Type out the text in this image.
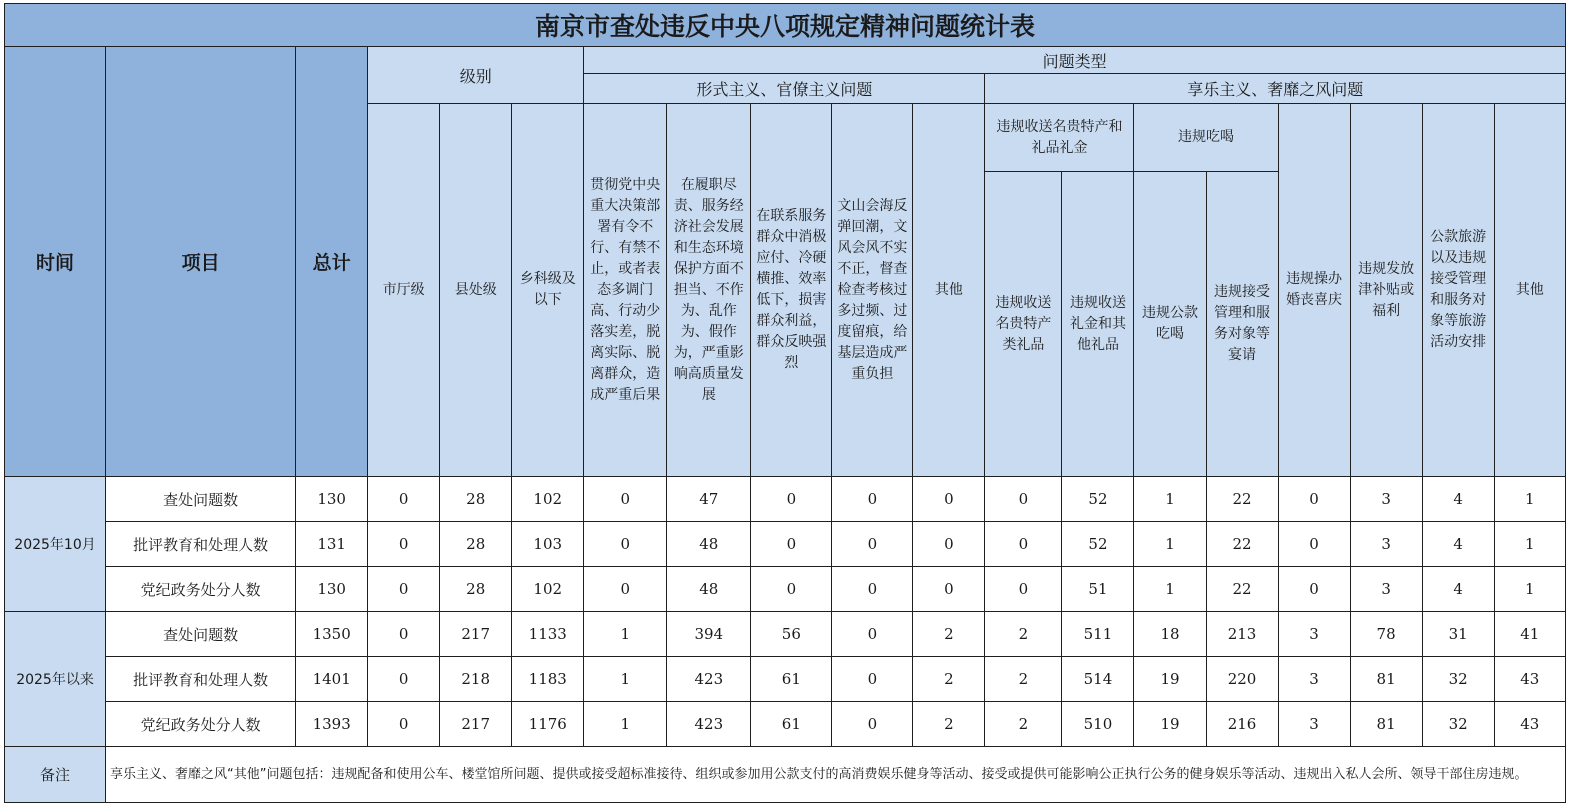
南京市查处违反中央八项规定精神问题统计表																		
时间	项目	总计	级别			问题类型												
						形式主义、官僚主义问题					享乐主义、奢靡之风问题							
			市厅级	县处级	乡科级及以下	贯彻党中央重大决策部署有令不行、有禁不止，或者表态多调门高、行动少落实差，脱离实际、脱离群众，造成严重后果	在履职尽责、服务经济社会发展和生态环境保护方面不担当、不作为、乱作为、假作为，严重影响高质量发展	在联系服务群众中消极应付、冷硬横推、效率低下，损害群众利益，群众反映强烈	文山会海反弹回潮，文风会风不实不正，督查检查考核过多过频、过度留痕，给基层造成严重负担	其他	违规收送名贵特产和礼品礼金		违规吃喝		违规操办婚丧喜庆	违规发放津补贴或福利	公款旅游以及违规接受管理和服务对象等旅游活动安排	其他
											违规收送名贵特产类礼品	违规收送礼金和其他礼品	违规公款吃喝	违规接受管理和服务对象等宴请				

2025年10月	查处问题数	130	0	28	102	0	47	0	0	0	0	52	1	22	0	3	4	1
	批评教育和处理人数	131	0	28	103	0	48	0	0	0	0	52	1	22	0	3	4	1
	党纪政务处分人数	130	0	28	102	0	48	0	0	0	0	51	1	22	0	3	4	1
2025年以来	查处问题数	1350	0	217	1133	1	394	56	0	2	2	511	18	213	3	78	31	41
	批评教育和处理人数	1401	0	218	1183	1	423	61	0	2	2	514	19	220	3	81	32	43
	党纪政务处分人数	1393	0	217	1176	1	423	61	0	2	2	510	19	216	3	81	32	43
备注	享乐主义、奢靡之风“其他”问题包括：违规配备和使用公车、楼堂馆所问题、提供或接受超标准接待、组织或参加用公款支付的高消费娱乐健身等活动、接受或提供可能影响公正执行公务的健身娱乐等活动、违规出入私人会所、领导干部住房违规。																	
